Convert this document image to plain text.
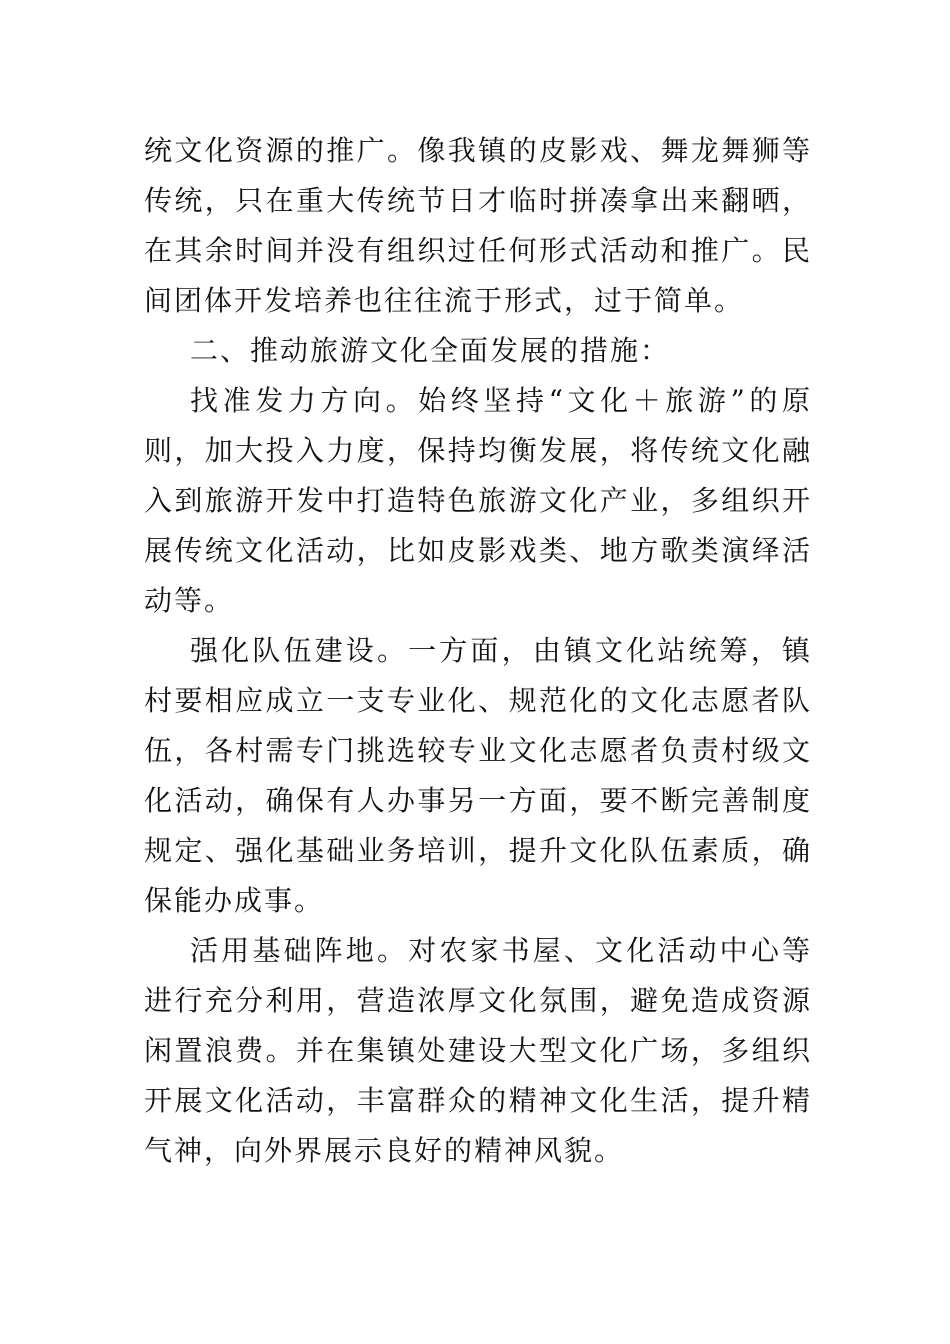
统文化资源的推广。像我镇的皮影戏、舞龙舞狮等传统，只在重大传统节日才临时拼凑拿出来翻晒，在其余时间并没有组织过任何形式活动和推广。民间团体开发培养也往往流于形式，过于简单。

二、推动旅游文化全面发展的措施：

找准发力方向。始终坚持“文化＋旅游”的原则，加大投入力度，保持均衡发展，将传统文化融入到旅游开发中打造特色旅游文化产业，多组织开展传统文化活动，比如皮影戏类、地方歌类演绎活动等。

强化队伍建设。一方面，由镇文化站统筹，镇村要相应成立一支专业化、规范化的文化志愿者队伍，各村需专门挑选较专业文化志愿者负责村级文化活动，确保有人办事另一方面，要不断完善制度规定、强化基础业务培训，提升文化队伍素质，确保能办成事。

活用基础阵地。对农家书屋、文化活动中心等进行充分利用，营造浓厚文化氛围，避免造成资源闲置浪费。并在集镇处建设大型文化广场，多组织开展文化活动，丰富群众的精神文化生活，提升精气神，向外界展示良好的精神风貌。
